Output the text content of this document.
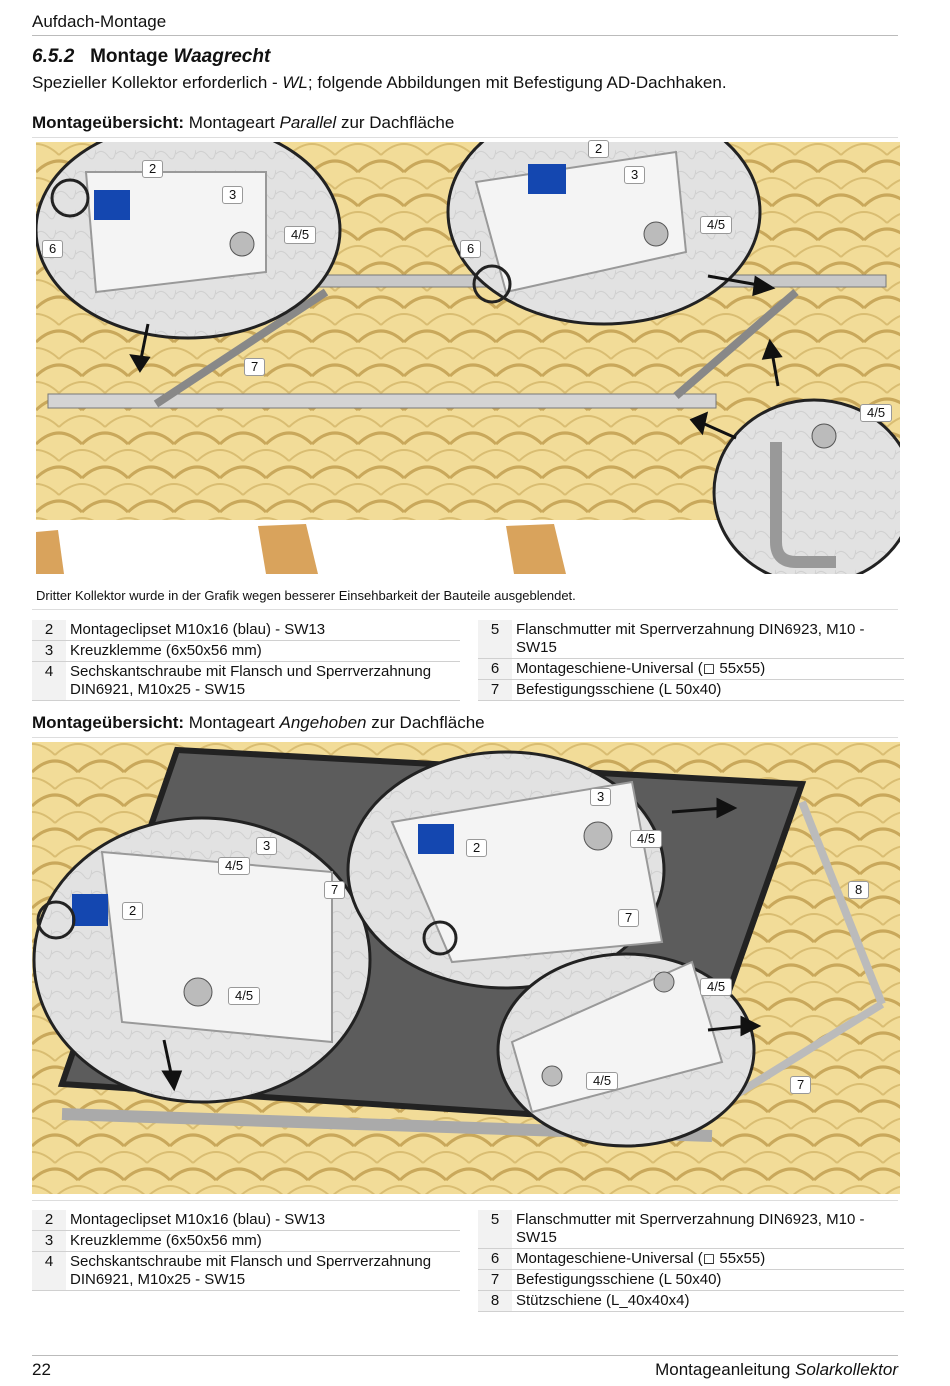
Aufdach-Montage
6.5.2 Montage Waagrecht
Spezieller Kollektor erforderlich - WL; folgende Abbildungen mit Befestigung AD-Dachhaken.
Montageübersicht: Montageart Parallel zur Dachfläche
2
3
4/5
6
2
3
4/5
6
7
4/5
Dritter Kollektor wurde in der Grafik wegen besserer Einsehbarkeit der Bauteile ausgeblendet.
2	Montageclipset M10x16 (blau) - SW13
3	Kreuzklemme (6x50x56 mm)
4	Sechskantschraube mit Flansch und Sperrverzahnung DIN6921, M10x25 - SW15
5	Flanschmutter mit Sperrverzahnung DIN6923, M10 - SW15
6	Montageschiene-Universal (◻ 55x55)
7	Befestigungsschiene (L 50x40)
Montageübersicht: Montageart Angehoben zur Dachfläche
3
4/5
7
2
3
4/5
2
7
4/5
4/5
8
4/5	7
2	Montageclipset M10x16 (blau) - SW13
3	Kreuzklemme (6x50x56 mm)
4	Sechskantschraube mit Flansch und Sperrverzahnung DIN6921, M10x25 - SW15
5	Flanschmutter mit Sperrverzahnung DIN6923, M10 - SW15
6	Montageschiene-Universal (◻ 55x55)
7	Befestigungsschiene (L 50x40)
8	Stützschiene (L_40x40x4)
22	Montageanleitung Solarkollektor
